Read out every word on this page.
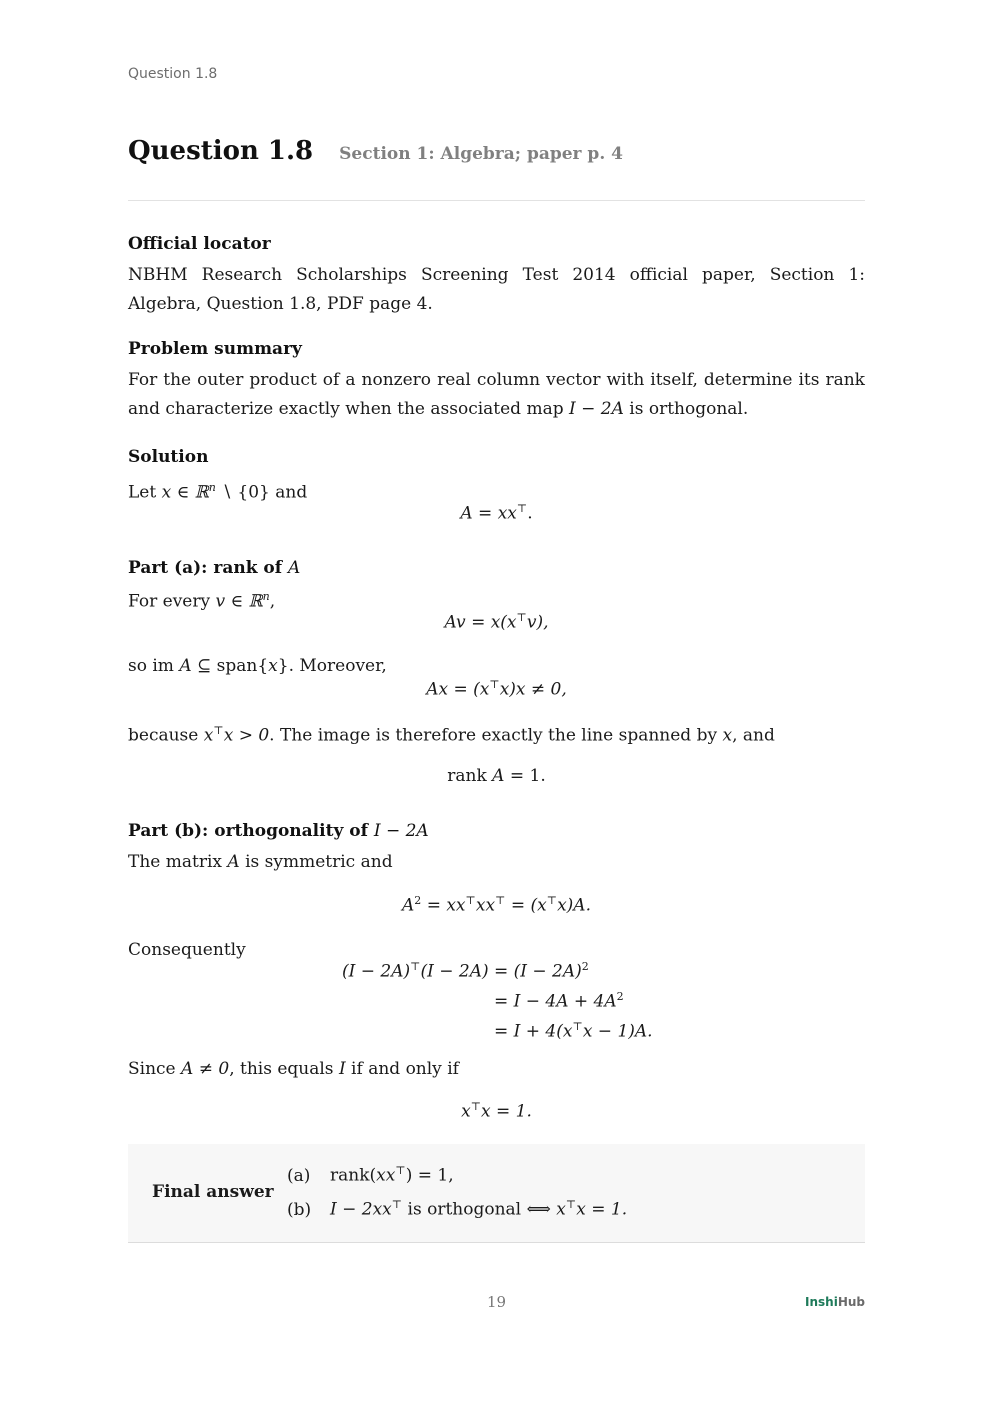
Question 1.8
Question 1.8 Section 1: Algebra; paper p. 4
Official locator
NBHM Research Scholarships Screening Test 2014 official paper, Section 1: Algebra, Question 1.8, PDF page 4.
Problem summary
For the outer product of a nonzero real column vector with itself, determine its rank and characterize exactly when the associated map I − 2A is orthogonal.
Solution
Let x ∈ ℝ$^n$ ∖ {0} and
A = xx⊤.
Part (a): rank of A
For every v ∈ ℝ$^n$,
Av = x(x⊤v),
so im A ⊆ span{x}. Moreover,
Ax = (x⊤x)x ≠ 0,
because x⊤x > 0. The image is therefore exactly the line spanned by x, and
rank A = 1.
Part (b): orthogonality of I − 2A
The matrix A is symmetric and
$A^2 = xx^⊤xx^⊤ = (x^⊤x)A$.
Consequently
$(I - 2A)^⊤(I - 2A) = (I - 2A)^2$
= $I - 4A + 4A^2$
= I + 4(x⊤x − 1)A.
Since A ≠ 0, this equals I if and only if
x⊤x = 1.
Final answer
(a) rank(xx⊤) = 1,
(b) I − 2xx⊤ is orthogonal ⟺ x⊤x = 1.
19	InshiHub
